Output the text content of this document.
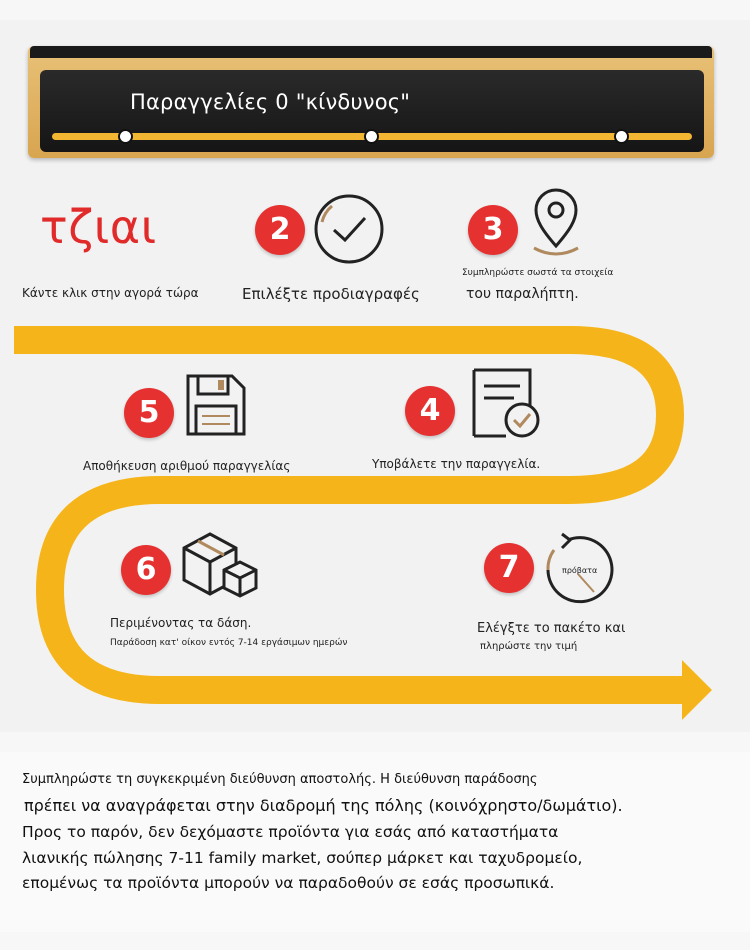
Παραγγελίες 0 "κίνδυνος"
τζιαι
Κάντε κλικ στην αγορά τώρα
2
Επιλέξτε προδιαγραφές
3
Συμπληρώστε σωστά τα στοιχεία
του παραλήπτη.
5
Αποθήκευση αριθμού παραγγελίας
4
Υποβάλετε την παραγγελία.
6
Περιμένοντας τα δάση.
Παράδοση κατ' οίκον εντός 7-14 εργάσιμων ημερών
7	πρόβατα
Ελέγξτε το πακέτο και
πληρώστε την τιμή
Συμπληρώστε τη συγκεκριμένη διεύθυνση αποστολής. Η διεύθυνση παράδοσης
πρέπει να αναγράφεται στην διαδρομή της πόλης (κοινόχρηστο/δωμάτιο).
Προς το παρόν, δεν δεχόμαστε προϊόντα για εσάς από καταστήματα
λιανικής πώλησης 7-11 family market, σούπερ μάρκετ και ταχυδρομείο,
επομένως τα προϊόντα μπορούν να παραδοθούν σε εσάς προσωπικά.
